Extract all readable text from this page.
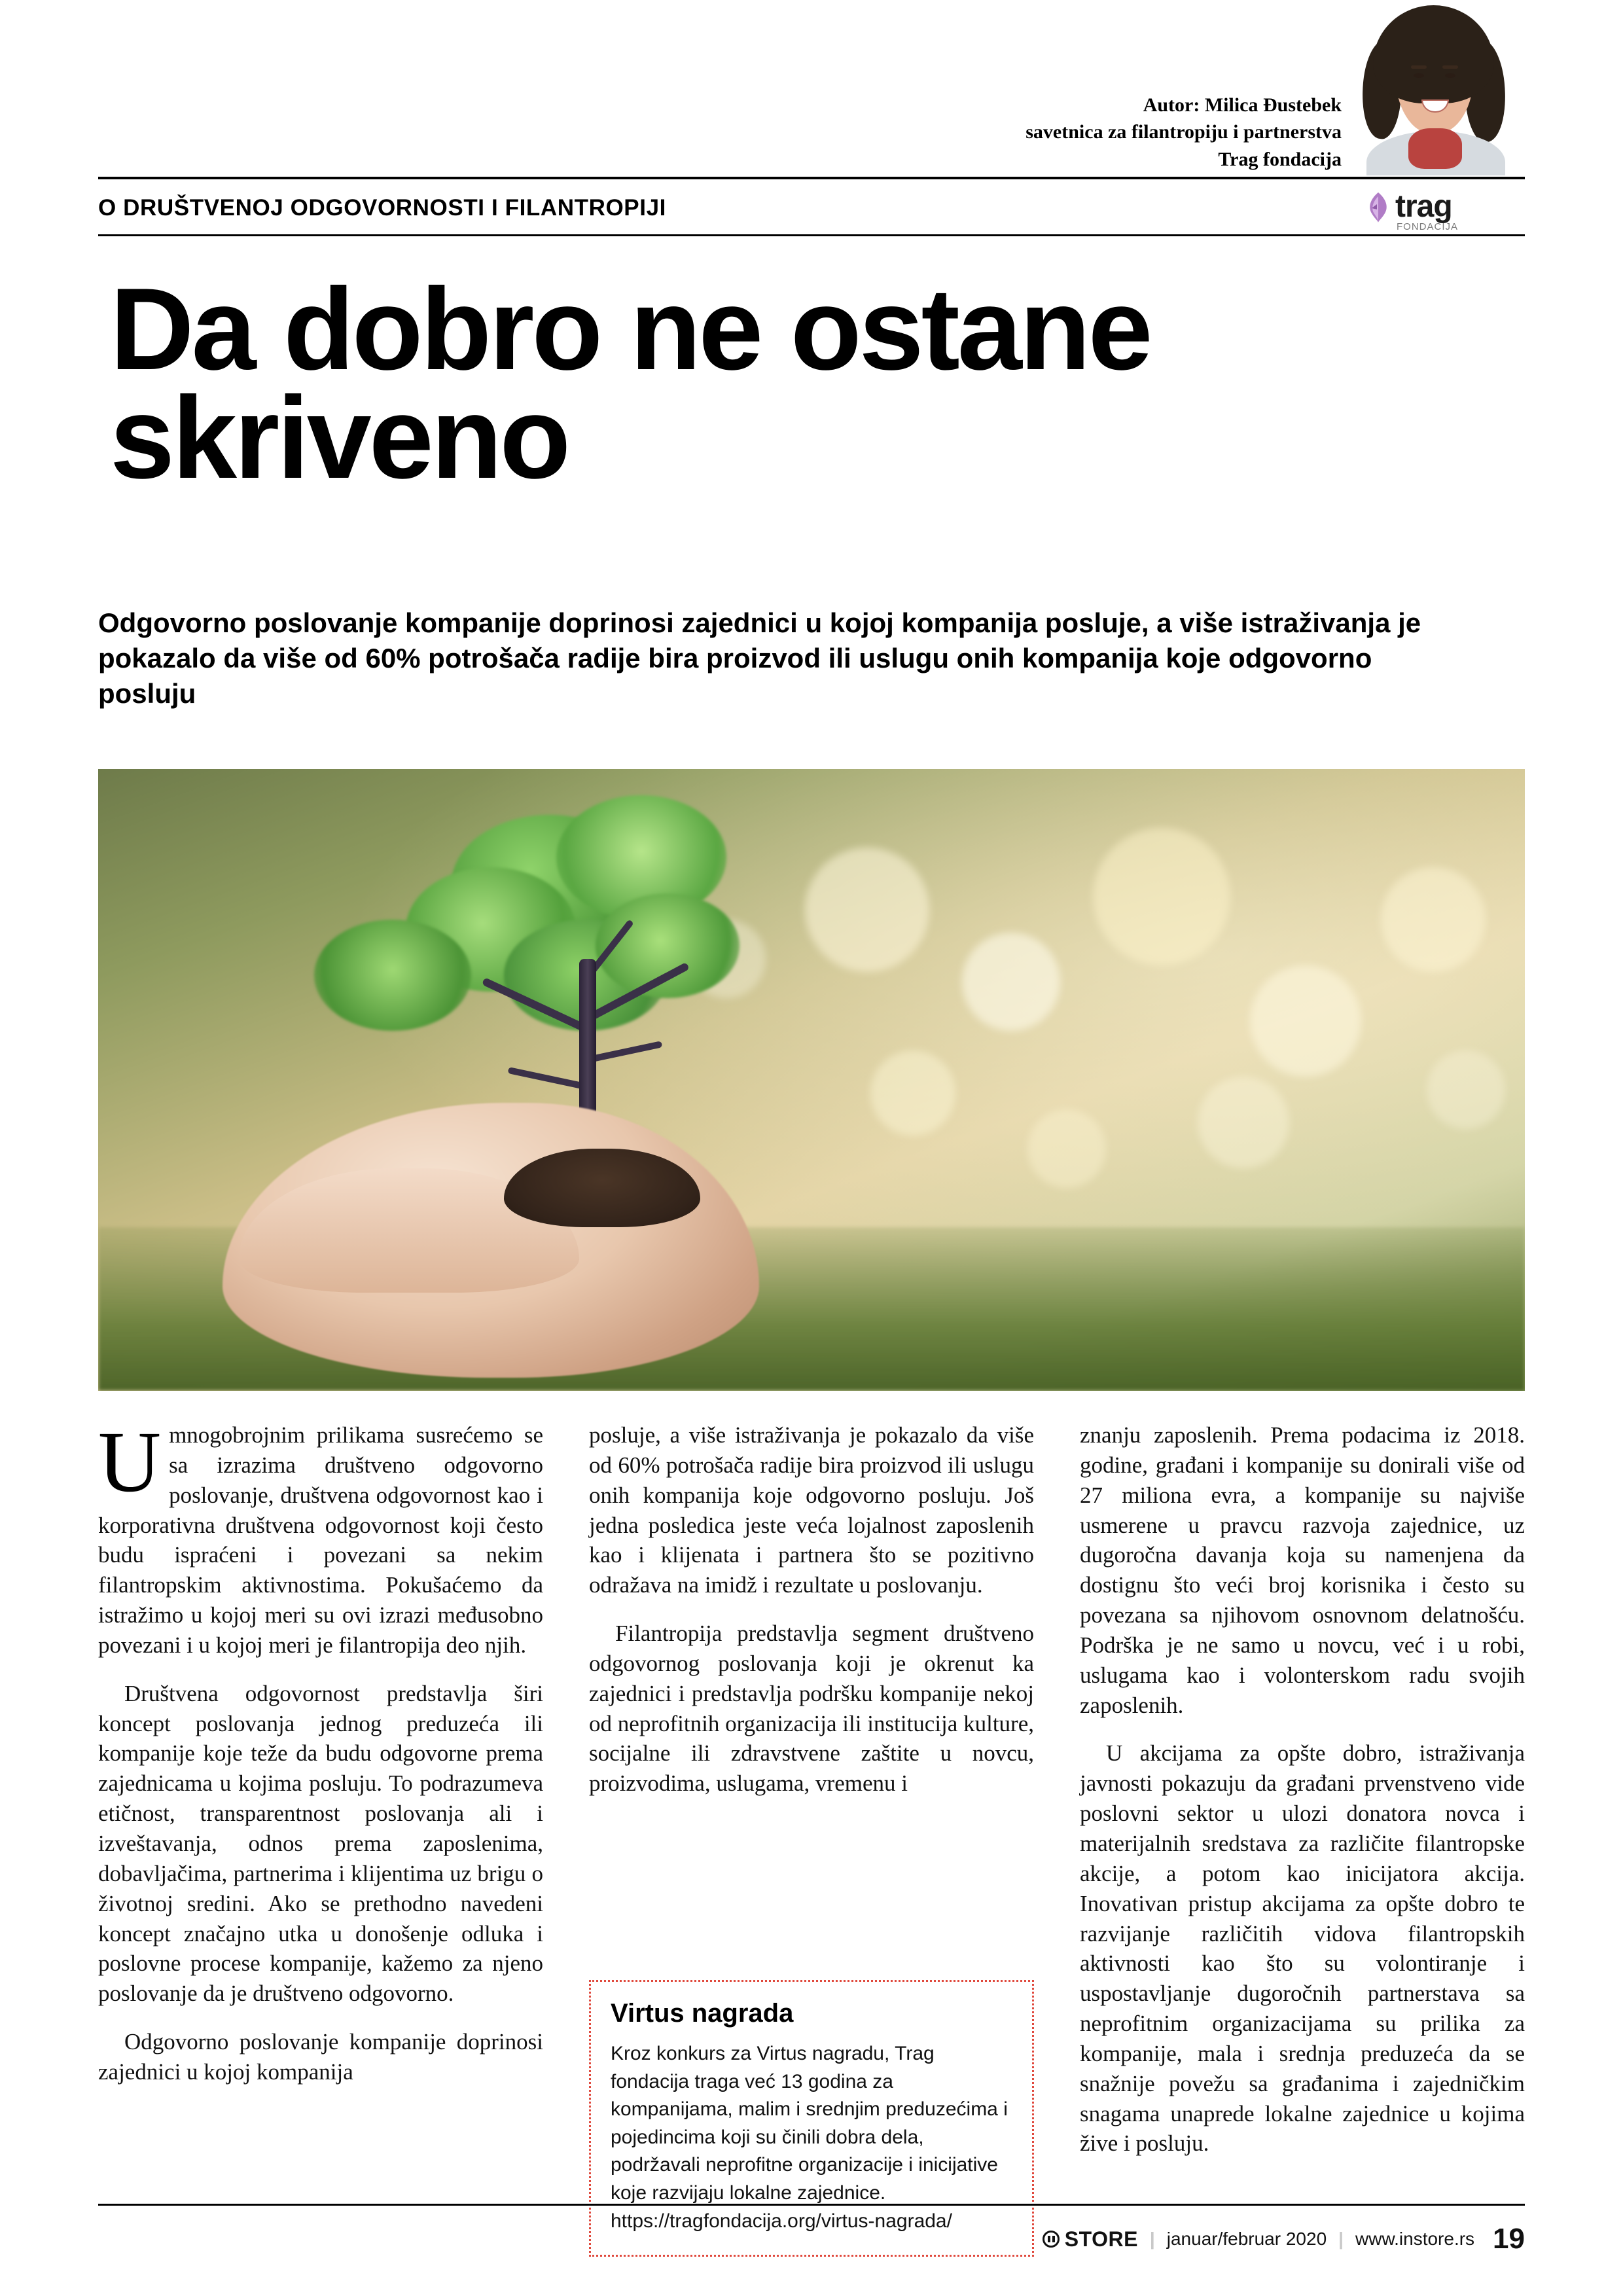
Autor: Milica Đustebek
savetnica za filantropiju i partnerstva
Trag fondacija
O DRUŠTVENOJ ODGOVORNOSTI I FILANTROPIJI	trag
FONDACIJA
Da dobro ne ostane skriveno
Odgovorno poslovanje kompanije doprinosi zajednici u kojoj kompanija posluje, a više istraživanja je pokazalo da više od 60% potrošača radije bira proizvod ili uslugu onih kompanija koje odgovorno posluju

Umnogobrojnim prilikama susrećemo se sa izrazima društveno odgovorno poslovanje, društvena odgovornost kao i korporativna društvena odgovornost koji često budu ispraćeni i povezani sa nekim filantropskim aktivnostima. Pokušaćemo da istražimo u kojoj meri su ovi izrazi međusobno povezani i u kojoj meri je filantropija deo njih.

Društvena odgovornost predstavlja širi koncept poslovanja jednog preduzeća ili kompanije koje teže da budu odgovorne prema zajednicama u kojima posluju. To podrazumeva etičnost, transparentnost poslovanja ali i izveštavanja, odnos prema zaposlenima, dobavljačima, partnerima i klijentima uz brigu o životnoj sredini. Ako se prethodno navedeni koncept značajno utka u donošenje odluka i poslovne procese kompanije, kažemo za njeno poslovanje da je društveno odgovorno.

Odgovorno poslovanje kompanije doprinosi zajednici u kojoj kompanija

posluje, a više istraživanja je pokazalo da više od 60% potrošača radije bira proizvod ili uslugu onih kompanija koje odgovorno posluju. Još jedna posledica jeste veća lojalnost zaposlenih kao i klijenata i partnera što se pozitivno odražava na imidž i rezultate u poslovanju.

Filantropija predstavlja segment društveno odgovornog poslovanja koji je okrenut ka zajednici i predstavlja podršku kompanije nekoj od neprofitnih organizacija ili instituciја kulture, socijalne ili zdravstvene zaštite u novcu, proizvodima, uslugama, vremenu i

znanju zaposlenih. Prema podacima iz 2018. godine, građani i kompanije su donirali više od 27 miliona evra, a kompanije su najviše usmerene u pravcu razvoja zajednice, uz dugoročna davanja koja su namenjena da dostignu što veći broj korisnika i često su povezana sa njihovom osnovnom delatnošću. Podrška je ne samo u novcu, već i u robi, uslugama kao i volonterskom radu svojih zaposlenih.

U akcijama za opšte dobro, istraživanja javnosti pokazuju da građani prvenstveno vide poslovni sektor u ulozi donatora novca i materijalnih sredstava za različite filantropske akcije, a potom kao inicijatora akcija. Inovativan pristup akcijama za opšte dobro te razvijanje različitih vidova filantropskih aktivnosti kao što su volontiranje i uspostavljanje dugoročnih partnerstava sa neprofitnim organizacijama su prilika za kompanije, mala i srednja preduzeća da se snažnije povežu sa građanima i zajedničkim snagama unaprede lokalne zajednice u kojima žive i posluju.

Virtus nagrada

Kroz konkurs za Virtus nagradu, Trag fondacija traga već 13 godina za kompanijama, malim i srednjim preduzećima i pojedincima koji su činili dobra dela, podržavali neprofitne organizacije i inicijative koje razvijaju lokalne zajednice.

https://tragfondacija.org/virtus-nagrada/

STORE | januar/februar 2020 | www.instore.rs 19
